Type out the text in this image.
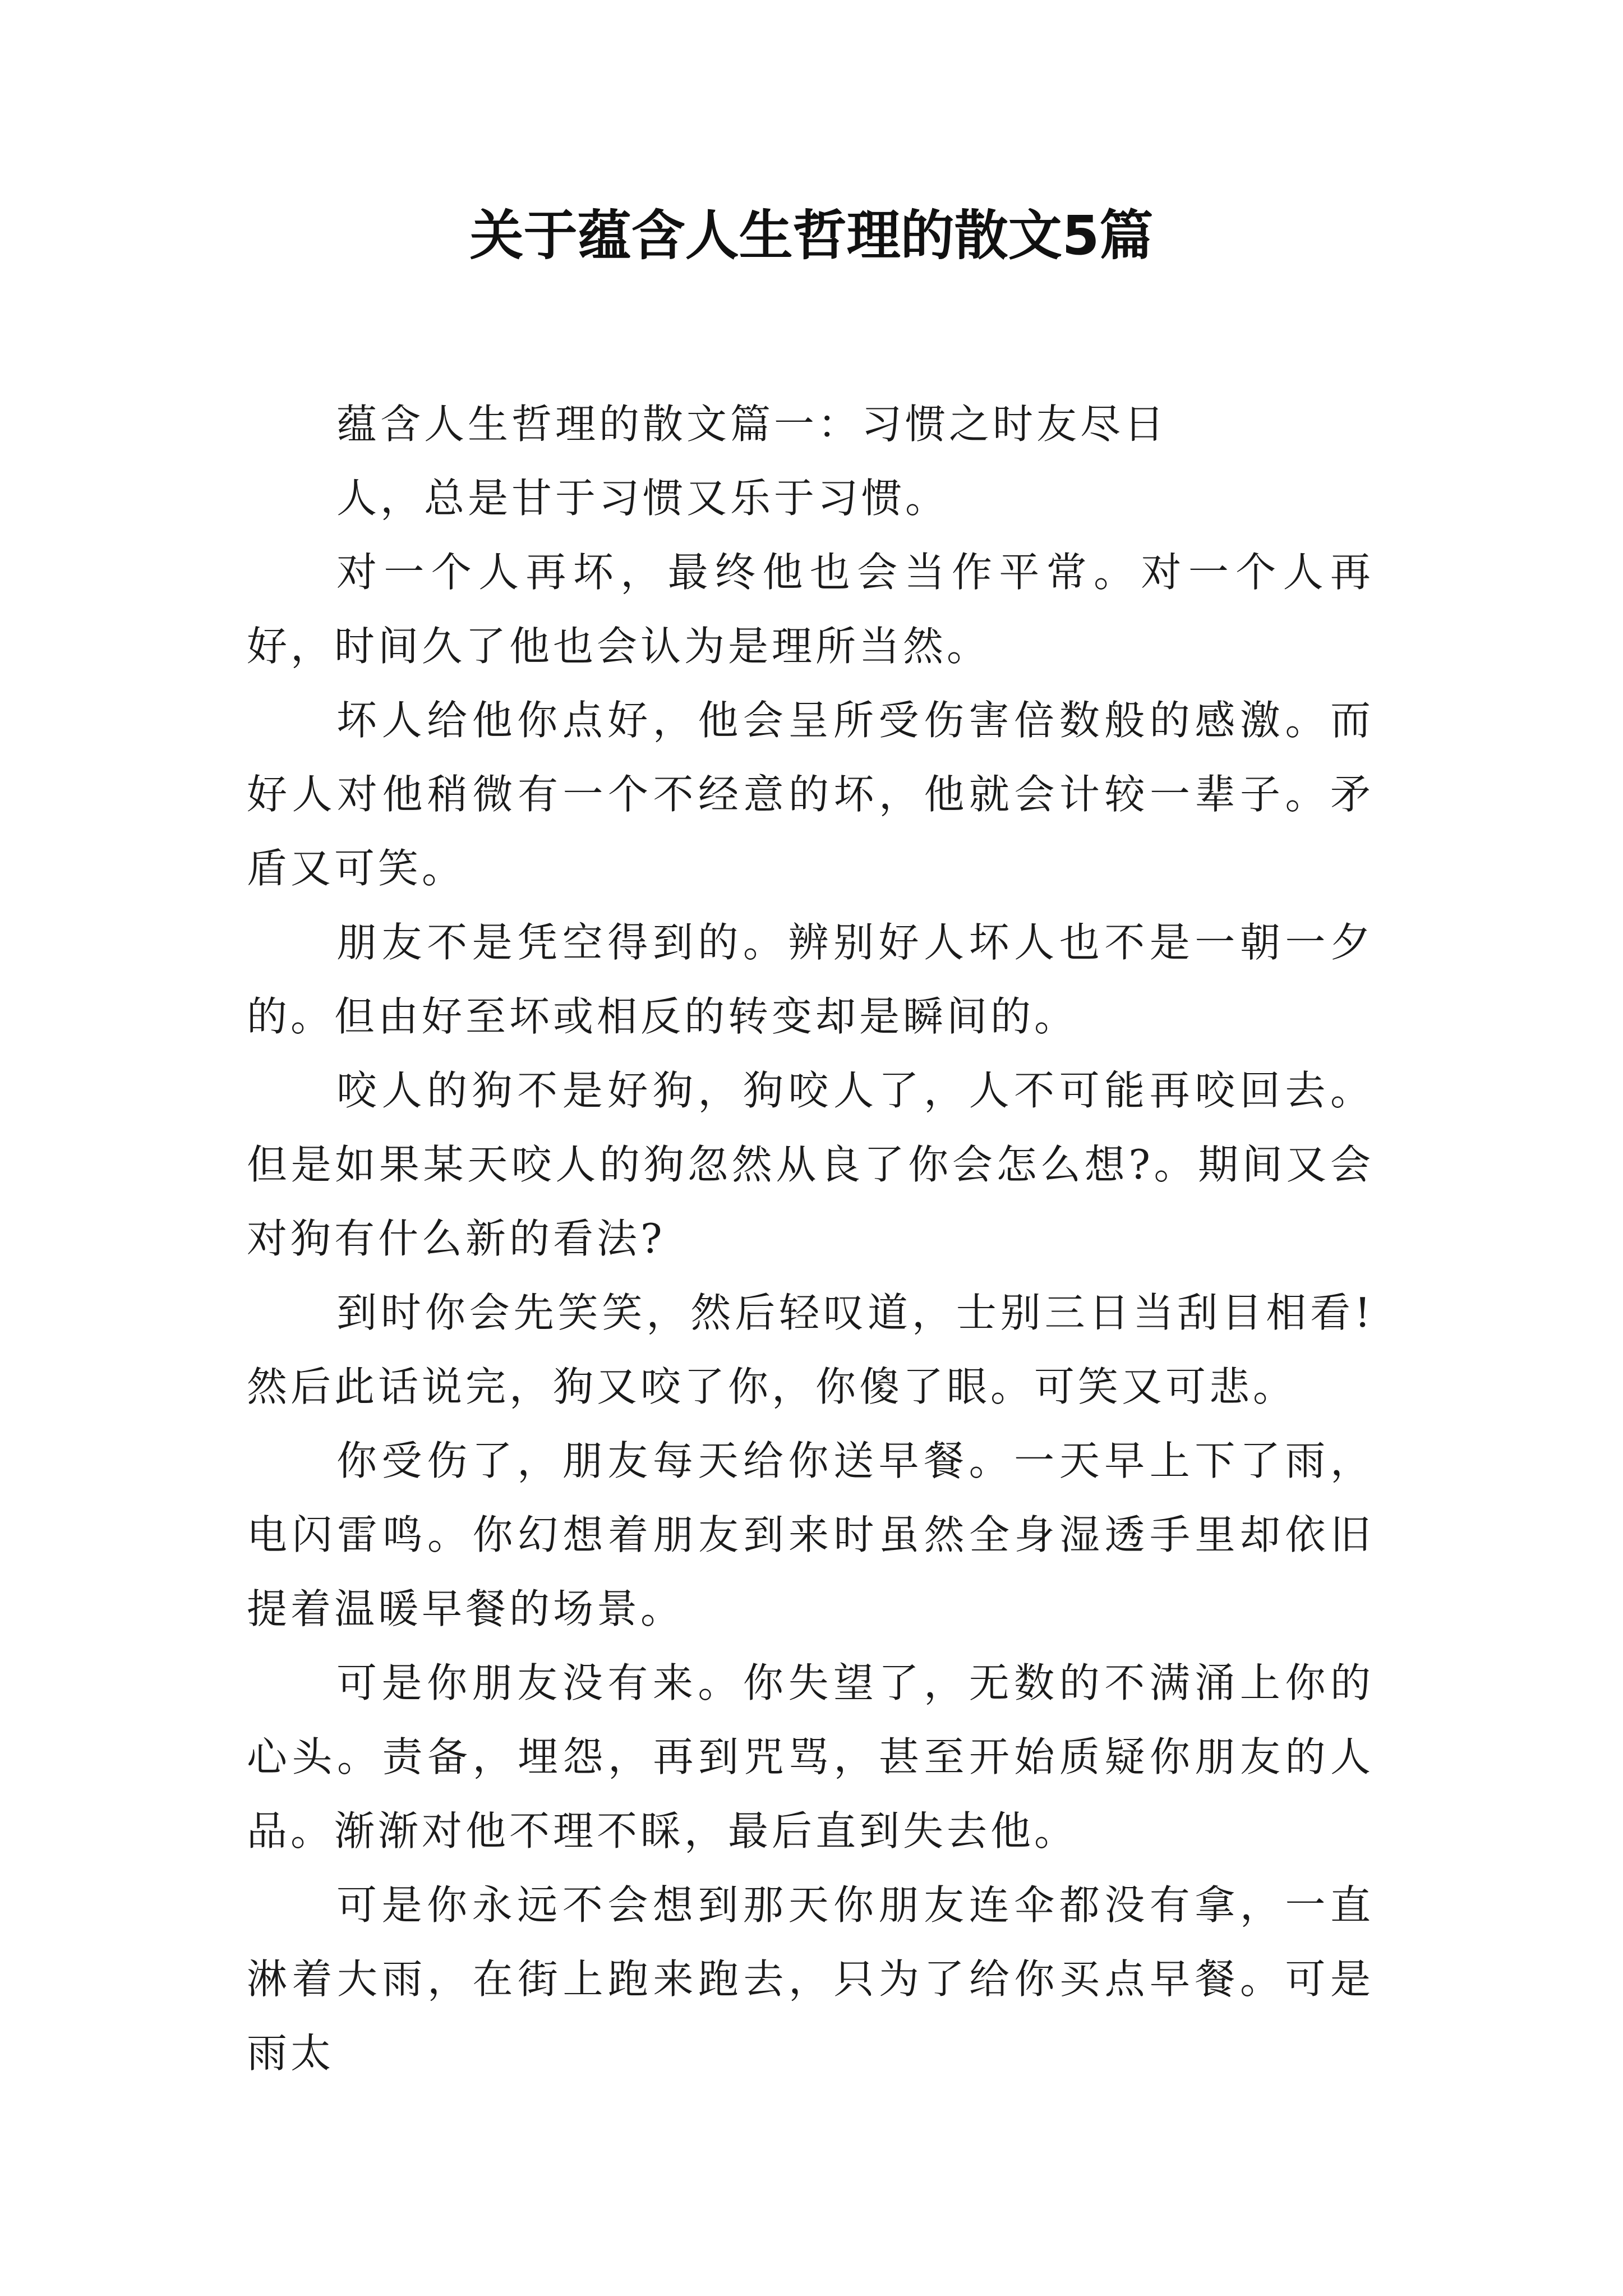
关于蕴含人生哲理的散文5篇

蕴含人生哲理的散文篇一：习惯之时友尽日

人，总是甘于习惯又乐于习惯。

对一个人再坏，最终他也会当作平常。对一个人再好，时间久了他也会认为是理所当然。

坏人给他你点好，他会呈所受伤害倍数般的感激。而好人对他稍微有一个不经意的坏，他就会计较一辈子。矛盾又可笑。

朋友不是凭空得到的。辨别好人坏人也不是一朝一夕的。但由好至坏或相反的转变却是瞬间的。

咬人的狗不是好狗，狗咬人了，人不可能再咬回去。但是如果某天咬人的狗忽然从良了你会怎么想?。期间又会对狗有什么新的看法?

到时你会先笑笑，然后轻叹道，士别三日当刮目相看!然后此话说完，狗又咬了你，你傻了眼。可笑又可悲。

你受伤了，朋友每天给你送早餐。一天早上下了雨，电闪雷鸣。你幻想着朋友到来时虽然全身湿透手里却依旧提着温暖早餐的场景。

可是你朋友没有来。你失望了，无数的不满涌上你的心头。责备，埋怨，再到咒骂，甚至开始质疑你朋友的人品。渐渐对他不理不睬，最后直到失去他。

可是你永远不会想到那天你朋友连伞都没有拿，一直淋着大雨，在街上跑来跑去，只为了给你买点早餐。可是雨太
